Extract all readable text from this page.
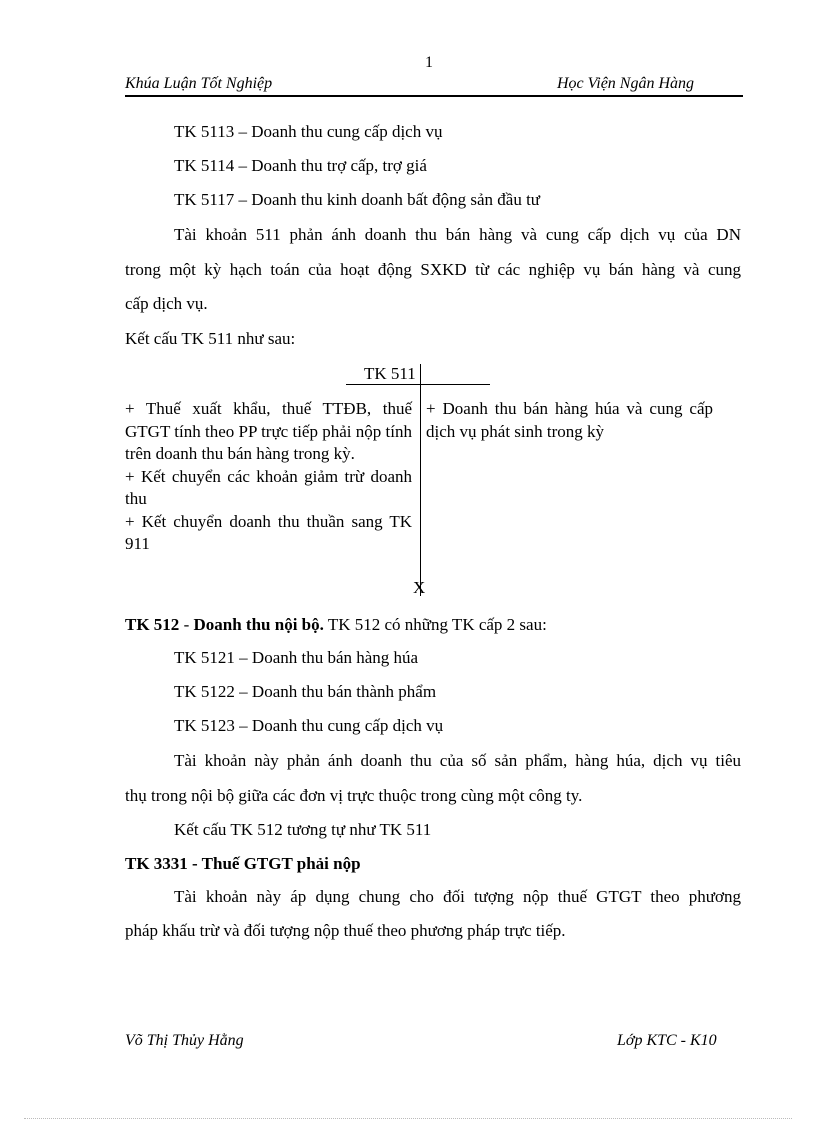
1
Khúa Luận Tốt Nghiệp	Học Viện Ngân Hàng
TK 5113 – Doanh thu cung cấp dịch vụ
TK 5114 – Doanh thu trợ cấp, trợ giá
TK 5117 – Doanh thu kinh doanh bất động sản đầu tư
Tài khoản 511 phản ánh doanh thu bán hàng và cung cấp dịch vụ của DN
trong một kỳ hạch toán của hoạt động SXKD từ các nghiệp vụ bán hàng và cung
cấp dịch vụ.
Kết cấu TK 511 như sau:
TK 511
+ Thuế xuất khẩu, thuế TTĐB, thuế GTGT tính theo PP trực tiếp phải nộp tính trên doanh thu bán hàng trong kỳ.
+ Kết chuyển các khoản giảm trừ doanh thu
+ Kết chuyển doanh thu thuần sang TK 911
+ Doanh thu bán hàng húa và cung cấp dịch vụ phát sinh trong kỳ
X
TK 512 - Doanh thu nội bộ. TK 512 có những TK cấp 2 sau:
TK 5121 – Doanh thu bán hàng húa
TK 5122 – Doanh thu bán thành phẩm
TK 5123 – Doanh thu cung cấp dịch vụ
Tài khoản này phản ánh doanh thu của số sản phẩm, hàng húa, dịch vụ tiêu
thụ trong nội bộ giữa các đơn vị trực thuộc trong cùng một công ty.
Kết cấu TK 512 tương tự như TK 511
TK 3331 - Thuế GTGT phải nộp
Tài khoản này áp dụng chung cho đối tượng nộp thuế GTGT theo phương
pháp khấu trừ và đối tượng nộp thuế theo phương pháp trực tiếp.
Võ Thị Thủy Hằng	Lớp KTC - K10
